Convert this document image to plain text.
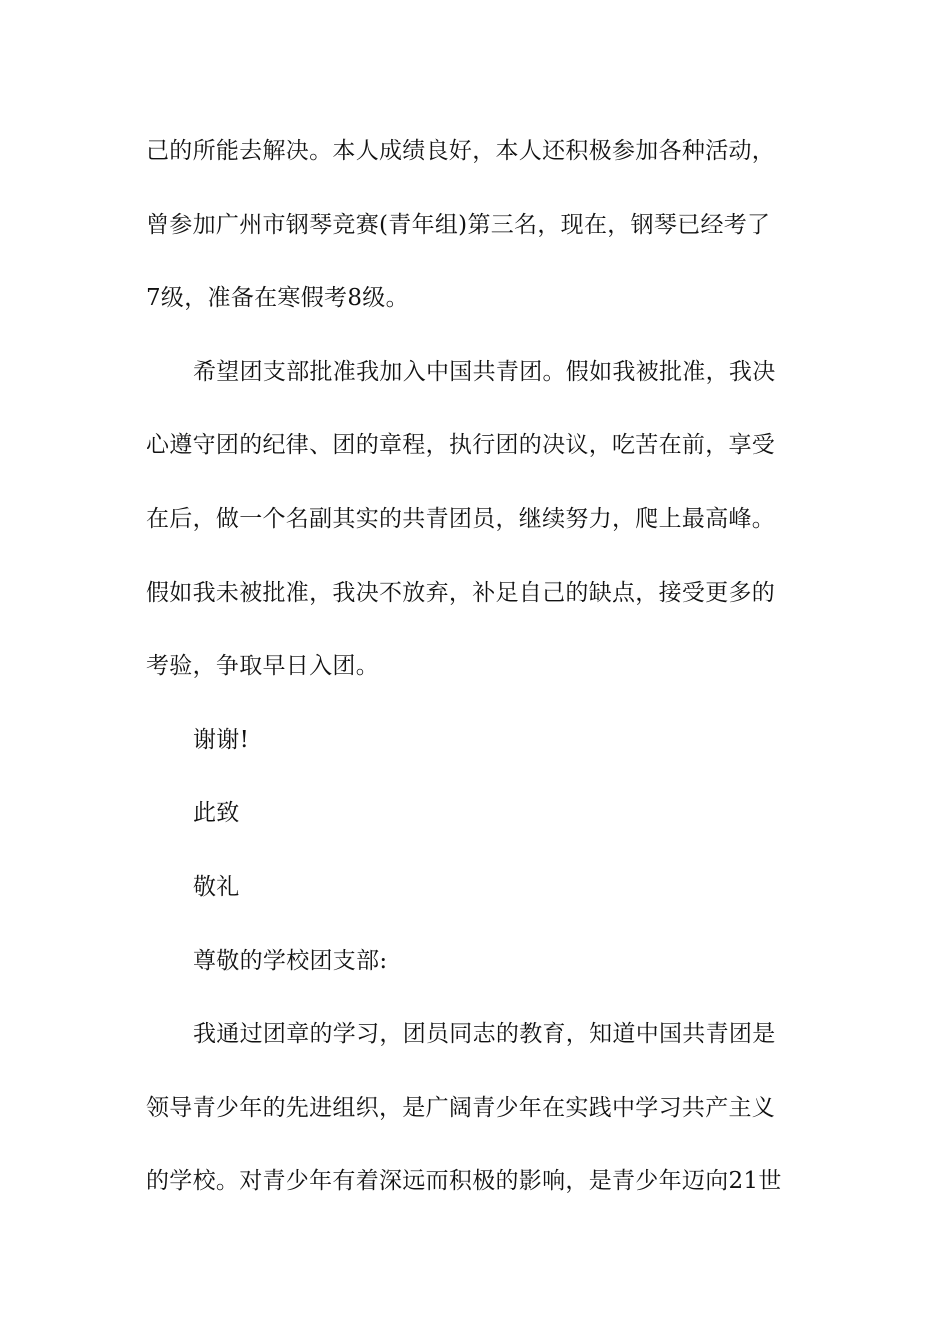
己的所能去解决。本人成绩良好，本人还积极参加各种活动，
曾参加广州市钢琴竞赛(青年组)第三名，现在，钢琴已经考了
7级，准备在寒假考8级。
希望团支部批准我加入中国共青团。假如我被批准，我决
心遵守团的纪律、团的章程，执行团的决议，吃苦在前，享受
在后，做一个名副其实的共青团员，继续努力，爬上最高峰。
假如我未被批准，我决不放弃，补足自己的缺点，接受更多的
考验，争取早日入团。
谢谢!
此致
敬礼
尊敬的学校团支部:
我通过团章的学习，团员同志的教育，知道中国共青团是
领导青少年的先进组织，是广阔青少年在实践中学习共产主义
的学校。对青少年有着深远而积极的影响，是青少年迈向21世
